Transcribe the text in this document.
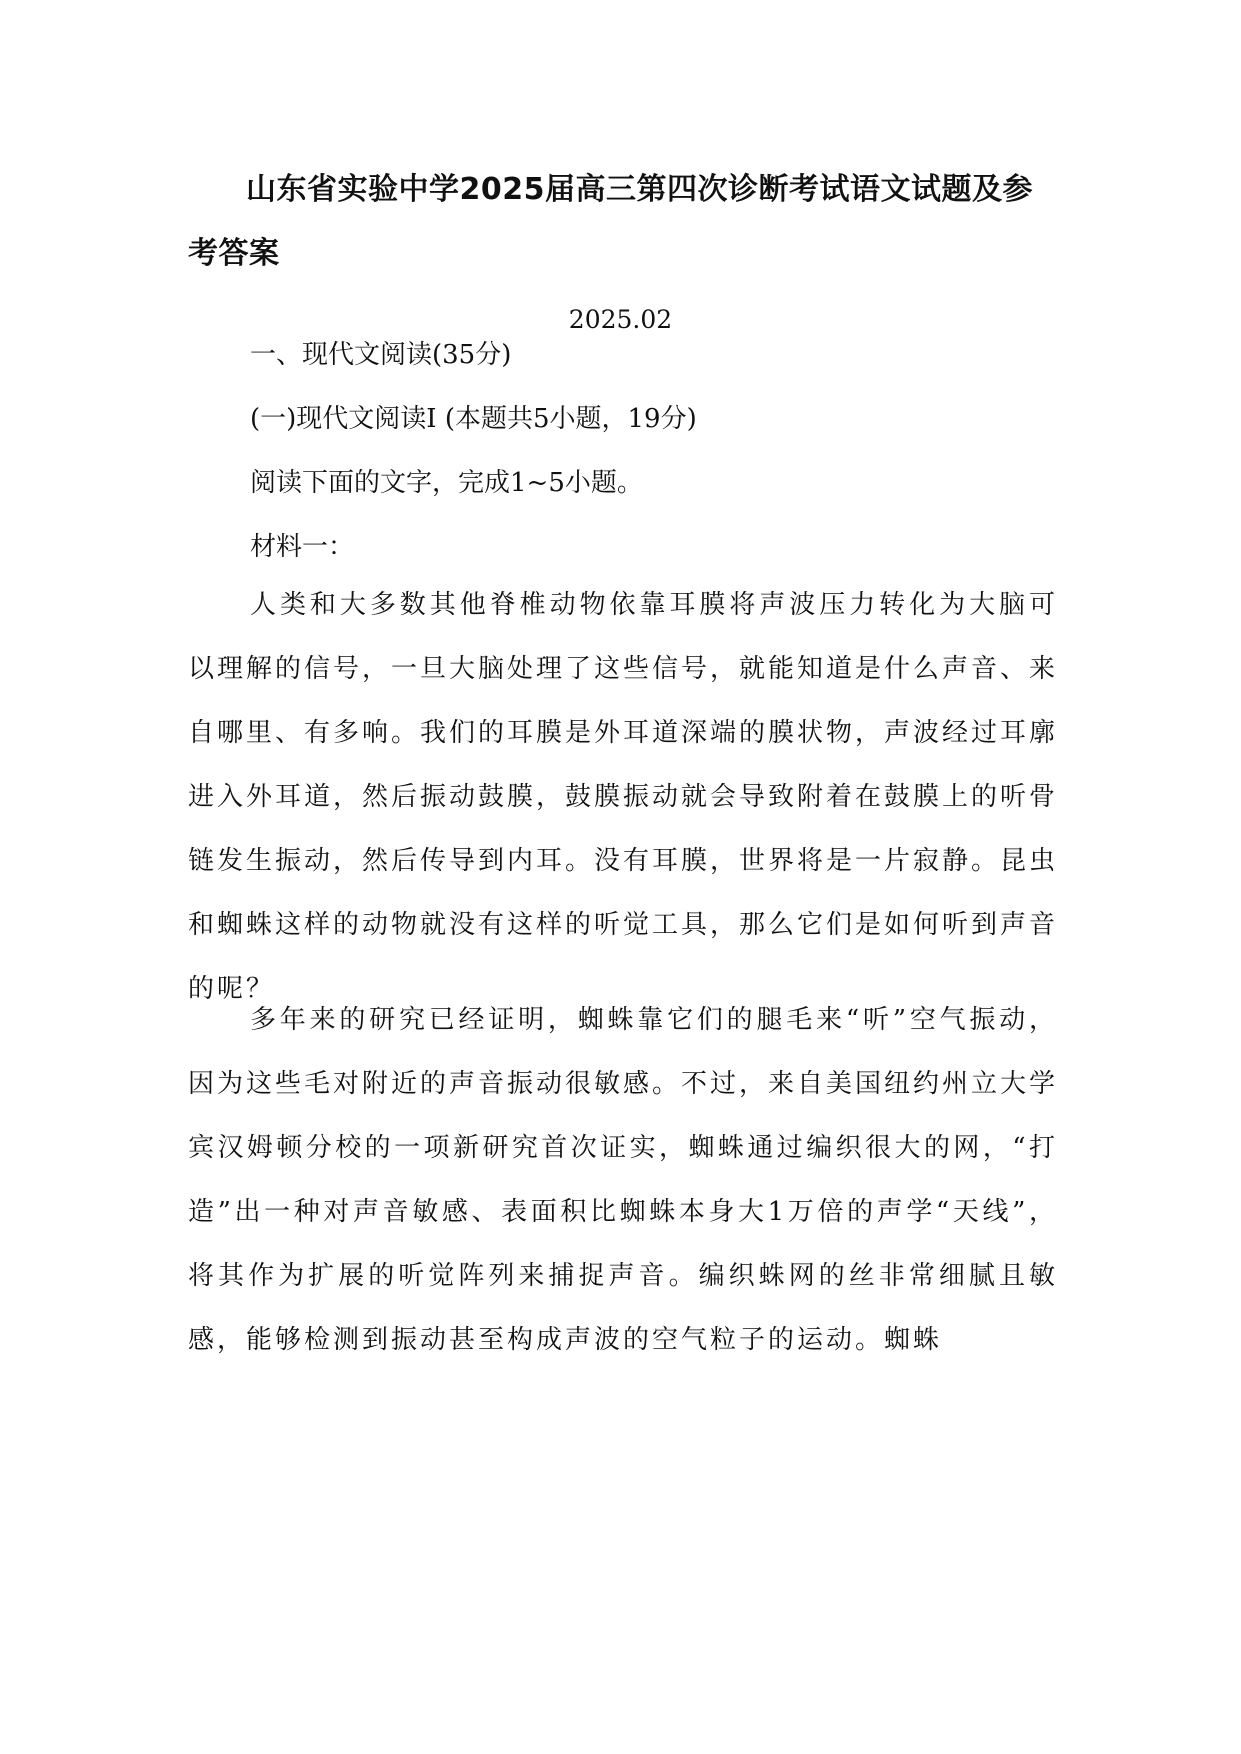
山东省实验中学2025届高三第四次诊断考试语文试题及参考答案

2025.02

一、现代文阅读(35分)

(一)现代文阅读Ⅰ (本题共5小题，19分)

阅读下面的文字，完成1~5小题。

材料一：

人类和大多数其他脊椎动物依靠耳膜将声波压力转化为大脑可以理解的信号，一旦大脑处理了这些信号，就能知道是什么声音、来自哪里、有多响。我们的耳膜是外耳道深端的膜状物，声波经过耳廓进入外耳道，然后振动鼓膜，鼓膜振动就会导致附着在鼓膜上的听骨链发生振动，然后传导到内耳。没有耳膜，世界将是一片寂静。昆虫和蜘蛛这样的动物就没有这样的听觉工具，那么它们是如何听到声音的呢？

多年来的研究已经证明，蜘蛛靠它们的腿毛来“听”空气振动，因为这些毛对附近的声音振动很敏感。不过，来自美国纽约州立大学宾汉姆顿分校的一项新研究首次证实，蜘蛛通过编织很大的网，“打造”出一种对声音敏感、表面积比蜘蛛本身大1万倍的声学“天线”，将其作为扩展的听觉阵列来捕捉声音。编织蛛网的丝非常细腻且敏感，能够检测到振动甚至构成声波的空气粒子的运动。蜘蛛
